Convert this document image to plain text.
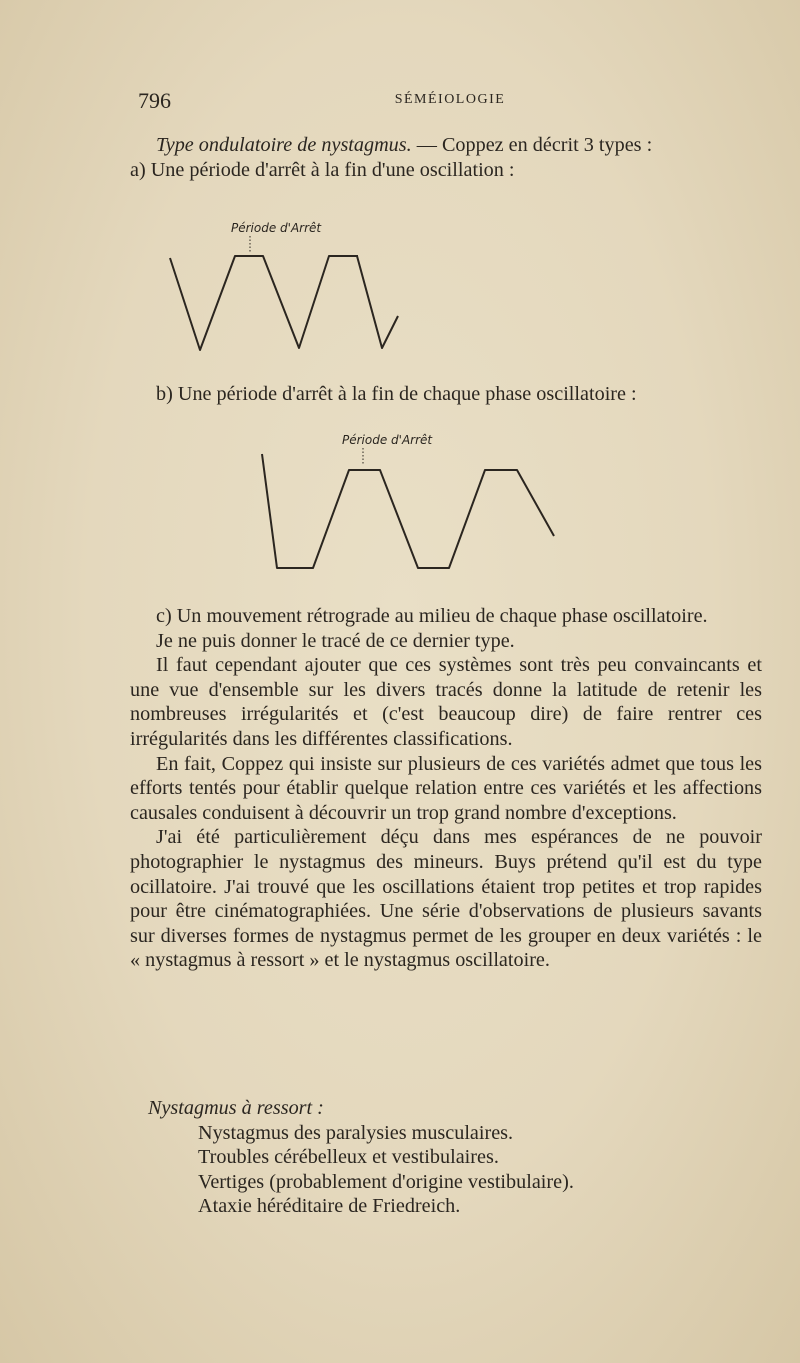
796	SÉMÉIOLOGIE

Type ondulatoire de nystagmus. — Coppez en décrit 3 types :

a) Une période d'arrêt à la fin d'une oscillation :

Période d'Arrêt

b) Une période d'arrêt à la fin de chaque phase oscillatoire :

Période d'Arrêt

c) Un mouvement rétrograde au milieu de chaque phase oscillatoire.

Je ne puis donner le tracé de ce dernier type.

Il faut cependant ajouter que ces systèmes sont très peu convaincants et une vue d'ensemble sur les divers tracés donne la latitude de retenir les nombreuses irrégularités et (c'est beaucoup dire) de faire rentrer ces irrégularités dans les différentes classifications.

En fait, Coppez qui insiste sur plusieurs de ces variétés admet que tous les efforts tentés pour établir quelque relation entre ces variétés et les affections causales conduisent à découvrir un trop grand nombre d'exceptions.

J'ai été particulièrement déçu dans mes espérances de ne pouvoir photographier le nystagmus des mineurs. Buys prétend qu'il est du type ocillatoire. J'ai trouvé que les oscillations étaient trop petites et trop rapides pour être cinématographiées. Une série d'observations de plusieurs savants sur diverses formes de nystagmus permet de les grouper en deux variétés : le « nystagmus à ressort » et le nystagmus oscillatoire.

Nystagmus à ressort :

Nystagmus des paralysies musculaires.

Troubles cérébelleux et vestibulaires.

Vertiges (probablement d'origine vestibulaire).

Ataxie héréditaire de Friedreich.
